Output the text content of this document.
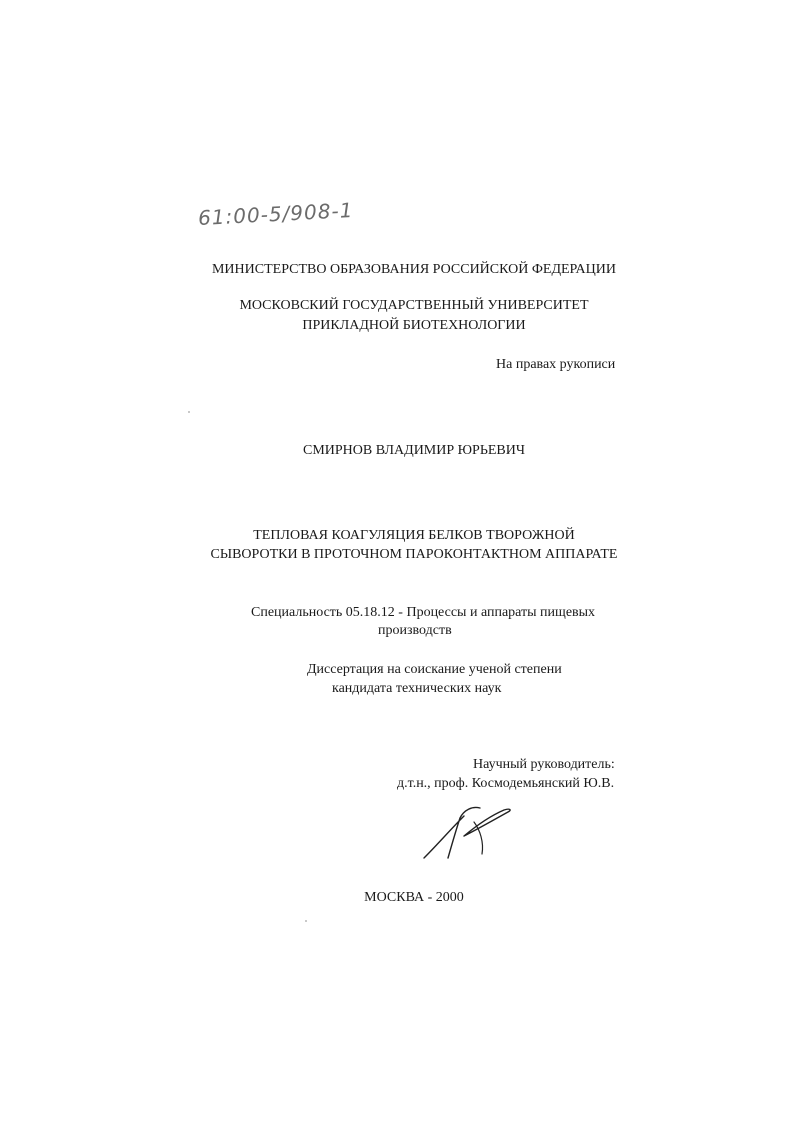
61:00-5/908-1
МИНИСТЕРСТВО ОБРАЗОВАНИЯ РОССИЙСКОЙ ФЕДЕРАЦИИ
МОСКОВСКИЙ ГОСУДАРСТВЕННЫЙ УНИВЕРСИТЕТ
ПРИКЛАДНОЙ БИОТЕХНОЛОГИИ
На правах рукописи
СМИРНОВ ВЛАДИМИР ЮРЬЕВИЧ
ТЕПЛОВАЯ КОАГУЛЯЦИЯ БЕЛКОВ ТВОРОЖНОЙ
СЫВОРОТКИ В ПРОТОЧНОМ ПАРОКОНТАКТНОМ АППАРАТЕ
Специальность 05.18.12 - Процессы и аппараты пищевых
производств
Диссертация на соискание ученой степени
кандидата технических наук
Научный руководитель:
д.т.н., проф. Космодемьянский Ю.В.
МОСКВА - 2000
